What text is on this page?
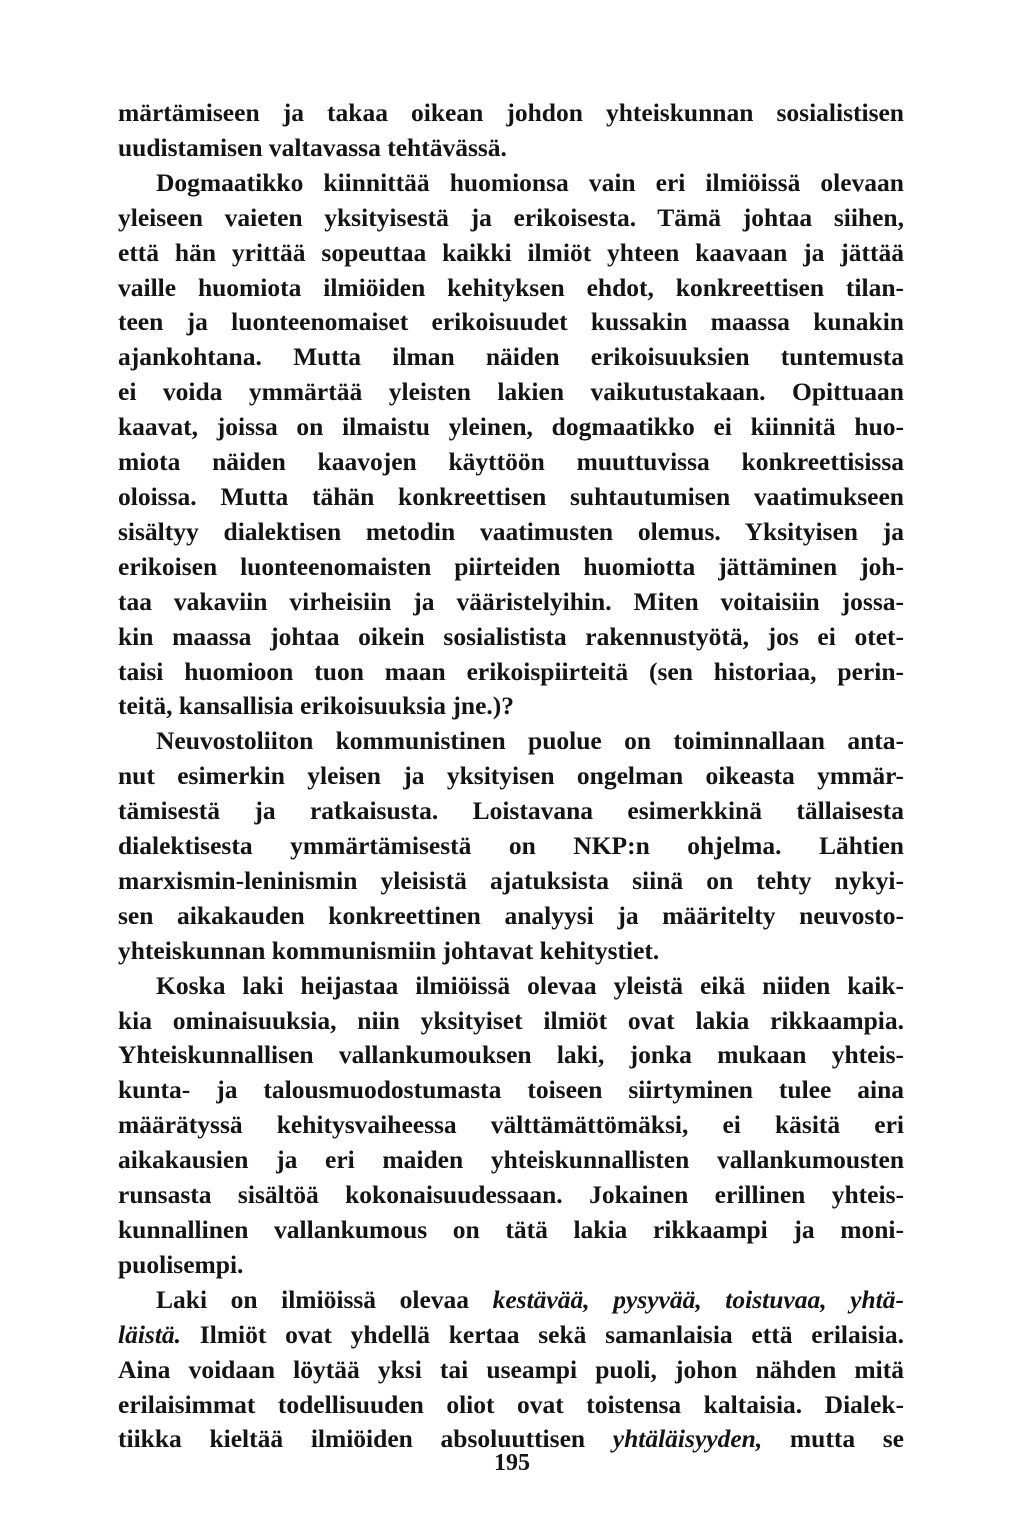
märtämiseen ja takaa oikean johdon yhteiskunnan sosialistisen
uudistamisen valtavassa tehtävässä.
Dogmaatikko kiinnittää huomionsa vain eri ilmiöissä olevaan
yleiseen vaieten yksityisestä ja erikoisesta. Tämä johtaa siihen,
että hän yrittää sopeuttaa kaikki ilmiöt yhteen kaavaan ja jättää
vaille huomiota ilmiöiden kehityksen ehdot, konkreettisen tilan-
teen ja luonteenomaiset erikoisuudet kussakin maassa kunakin
ajankohtana. Mutta ilman näiden erikoisuuksien tuntemusta
ei voida ymmärtää yleisten lakien vaikutustakaan. Opittuaan
kaavat, joissa on ilmaistu yleinen, dogmaatikko ei kiinnitä huo-
miota näiden kaavojen käyttöön muuttuvissa konkreettisissa
oloissa. Mutta tähän konkreettisen suhtautumisen vaatimukseen
sisältyy dialektisen metodin vaatimusten olemus. Yksityisen ja
erikoisen luonteenomaisten piirteiden huomiotta jättäminen joh-
taa vakaviin virheisiin ja vääristelyihin. Miten voitaisiin jossa-
kin maassa johtaa oikein sosialistista rakennustyötä, jos ei otet-
taisi huomioon tuon maan erikoispiirteitä (sen historiaa, perin-
teitä, kansallisia erikoisuuksia jne.)?
Neuvostoliiton kommunistinen puolue on toiminnallaan anta-
nut esimerkin yleisen ja yksityisen ongelman oikeasta ymmär-
tämisestä ja ratkaisusta. Loistavana esimerkkinä tällaisesta
dialektisesta ymmärtämisestä on NKP:n ohjelma. Lähtien
marxismin-leninismin yleisistä ajatuksista siinä on tehty nykyi-
sen aikakauden konkreettinen analyysi ja määritelty neuvosto-
yhteiskunnan kommunismiin johtavat kehitystiet.
Koska laki heijastaa ilmiöissä olevaa yleistä eikä niiden kaik-
kia ominaisuuksia, niin yksityiset ilmiöt ovat lakia rikkaampia.
Yhteiskunnallisen vallankumouksen laki, jonka mukaan yhteis-
kunta- ja talousmuodostumasta toiseen siirtyminen tulee aina
määrätyssä kehitysvaiheessa välttämättömäksi, ei käsitä eri
aikakausien ja eri maiden yhteiskunnallisten vallankumousten
runsasta sisältöä kokonaisuudessaan. Jokainen erillinen yhteis-
kunnallinen vallankumous on tätä lakia rikkaampi ja moni-
puolisempi.
Laki on ilmiöissä olevaa kestävää, pysyvää, toistuvaa, yhtä-
läistä. Ilmiöt ovat yhdellä kertaa sekä samanlaisia että erilaisia.
Aina voidaan löytää yksi tai useampi puoli, johon nähden mitä
erilaisimmat todellisuuden oliot ovat toistensa kaltaisia. Dialek-
tiikka kieltää ilmiöiden absoluuttisen yhtäläisyyden, mutta se
195
